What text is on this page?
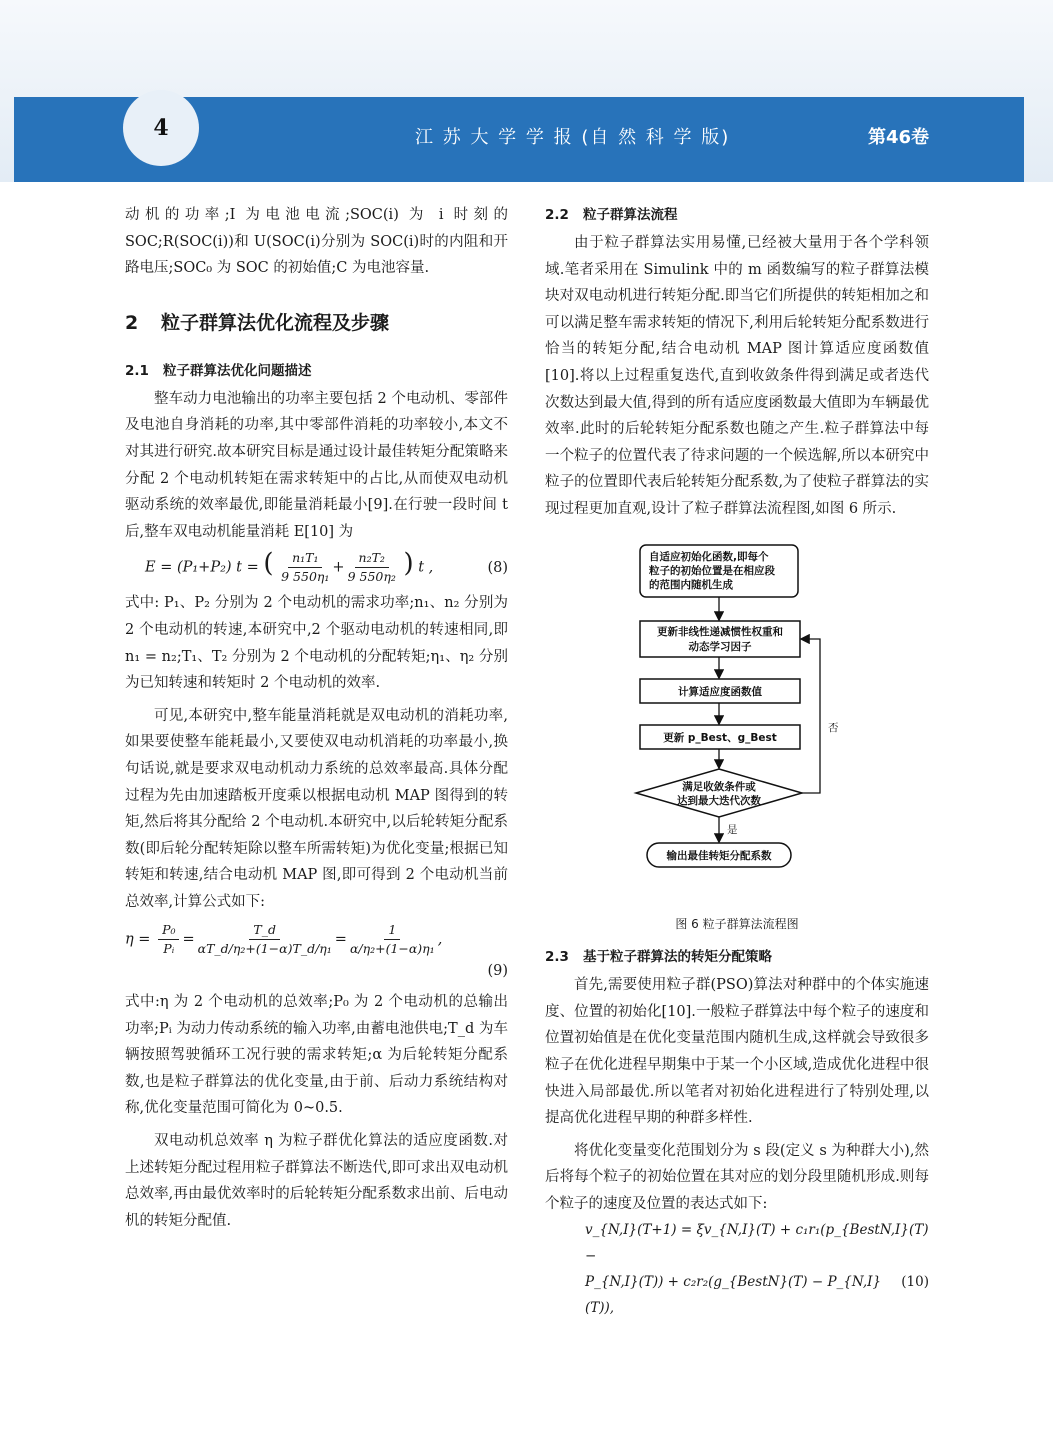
4	江 苏 大 学 学 报 (自 然 科 学 版)	第46卷

动机的功率;I 为电池电流;SOC(i) 为 i 时刻的 SOC;R(SOC(i))和 U(SOC(i)分别为 SOC(i)时的内阻和开路电压;SOC₀ 为 SOC 的初始值;C 为电池容量.

2 粒子群算法优化流程及步骤
2.1 粒子群算法优化问题描述

整车动力电池输出的功率主要包括 2 个电动机、零部件及电池自身消耗的功率,其中零部件消耗的功率较小,本文不对其进行研究.故本研究目标是通过设计最佳转矩分配策略来分配 2 个电动机转矩在需求转矩中的占比,从而使双电动机驱动系统的效率最优,即能量消耗最小[9].在行驶一段时间 t 后,整车双电动机能量消耗 E[10] 为

E = (P₁+P₂) t = ( $\frac{\text{n₁T₁}}{\text{9 550η₁}} + \frac{\text{n₂T₂}}{\text{9 550η₂}}$ ) t ,	(8)

式中: P₁、P₂ 分别为 2 个电动机的需求功率;n₁、n₂ 分别为 2 个电动机的转速,本研究中,2 个驱动电动机的转速相同,即 n₁ = n₂;T₁、T₂ 分别为 2 个电动机的分配转矩;η₁、η₂ 分别为已知转速和转矩时 2 个电动机的效率.

可见,本研究中,整车能量消耗就是双电动机的消耗功率,如果要使整车能耗最小,又要使双电动机消耗的功率最小,换句话说,就是要求双电动机动力系统的总效率最高.具体分配过程为先由加速踏板开度乘以根据电动机 MAP 图得到的转矩,然后将其分配给 2 个电动机.本研究中,以后轮转矩分配系数(即后轮分配转矩除以整车所需转矩)为优化变量;根据已知转矩和转速,结合电动机 MAP 图,即可得到 2 个电动机当前总效率,计算公式如下:

$\eta = \frac{\text{P₀}}{\text{Pᵢ}} = \frac{T\_d}{\text{αT\_d/η₂+(1−α)T\_d/η₁}} = \frac{1}{\text{α/η₂+(1−α)η₁}}$ ,
(9)

式中:η 为 2 个电动机的总效率;P₀ 为 2 个电动机的总输出功率;Pᵢ 为动力传动系统的输入功率,由蓄电池供电;T_d 为车辆按照驾驶循环工况行驶的需求转矩;α 为后轮转矩分配系数,也是粒子群算法的优化变量,由于前、后动力系统结构对称,优化变量范围可简化为 0~0.5.

双电动机总效率 η 为粒子群优化算法的适应度函数.对上述转矩分配过程用粒子群算法不断迭代,即可求出双电动机总效率,再由最优效率时的后轮转矩分配系数求出前、后电动机的转矩分配值.

2.2 粒子群算法流程

由于粒子群算法实用易懂,已经被大量用于各个学科领域.笔者采用在 Simulink 中的 m 函数编写的粒子群算法模块对双电动机进行转矩分配.即当它们所提供的转矩相加之和可以满足整车需求转矩的情况下,利用后轮转矩分配系数进行恰当的转矩分配,结合电动机 MAP 图计算适应度函数值[10].将以上过程重复迭代,直到收敛条件得到满足或者迭代次数达到最大值,得到的所有适应度函数最大值即为车辆最优效率.此时的后轮转矩分配系数也随之产生.粒子群算法中每一个粒子的位置代表了待求问题的一个候选解,所以本研究中粒子的位置即代表后轮转矩分配系数,为了使粒子群算法的实现过程更加直观,设计了粒子群算法流程图,如图 6 所示.

自适应初始化函数,即每个
粒子的初始位置是在相应段
的范围内随机生成
更新非线性递减惯性权重和
动态学习因子
计算适应度函数值
更新 p_Best、g_Best
满足收敛条件或
达到最大迭代次数
否
是
输出最佳转矩分配系数
图 6 粒子群算法流程图
2.3 基于粒子群算法的转矩分配策略

首先,需要使用粒子群(PSO)算法对种群中的个体实施速度、位置的初始化[10].一般粒子群算法中每个粒子的速度和位置初始值是在优化变量范围内随机生成,这样就会导致很多粒子在优化进程早期集中于某一个小区域,造成优化进程中很快进入局部最优.所以笔者对初始化进程进行了特别处理,以提高优化进程早期的种群多样性.

将优化变量变化范围划分为 s 段(定义 s 为种群大小),然后将每个粒子的初始位置在其对应的划分段里随机形成.则每个粒子的速度及位置的表达式如下:

v_{N,I}(T+1) = ξv_{N,I}(T) + c₁r₁(p_{BestN,I}(T) −
P_{N,I}(T)) + c₂r₂(g_{BestN}(T) − P_{N,I}(T)),
(10)
